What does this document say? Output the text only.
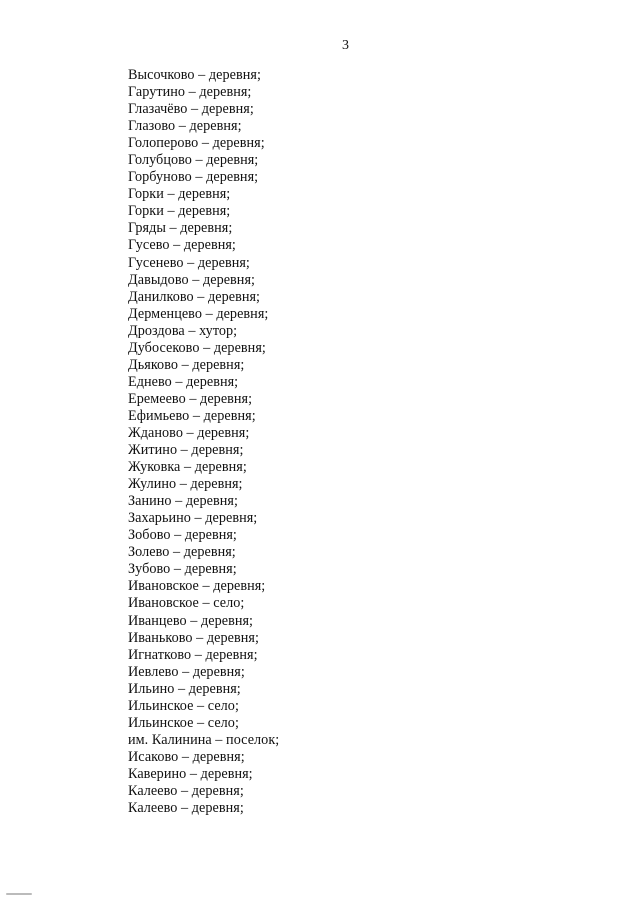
3
Высочково – деревня;
Гарутино – деревня;
Глазачёво – деревня;
Глазово – деревня;
Голоперово – деревня;
Голубцово – деревня;
Горбуново – деревня;
Горки – деревня;
Горки – деревня;
Гряды – деревня;
Гусево – деревня;
Гусенево – деревня;
Давыдово – деревня;
Данилково – деревня;
Дерменцево – деревня;
Дроздова – хутор;
Дубосеково – деревня;
Дьяково – деревня;
Еднево – деревня;
Еремеево – деревня;
Ефимьево – деревня;
Жданово – деревня;
Житино – деревня;
Жуковка – деревня;
Жулино – деревня;
Занино – деревня;
Захарьино – деревня;
Зобово – деревня;
Золево – деревня;
Зубово – деревня;
Ивановское – деревня;
Ивановское – село;
Иванцево – деревня;
Иваньково – деревня;
Игнатково – деревня;
Иевлево – деревня;
Ильино – деревня;
Ильинское – село;
Ильинское – село;
им. Калинина – поселок;
Исаково – деревня;
Каверино – деревня;
Калеево – деревня;
Калеево – деревня;
